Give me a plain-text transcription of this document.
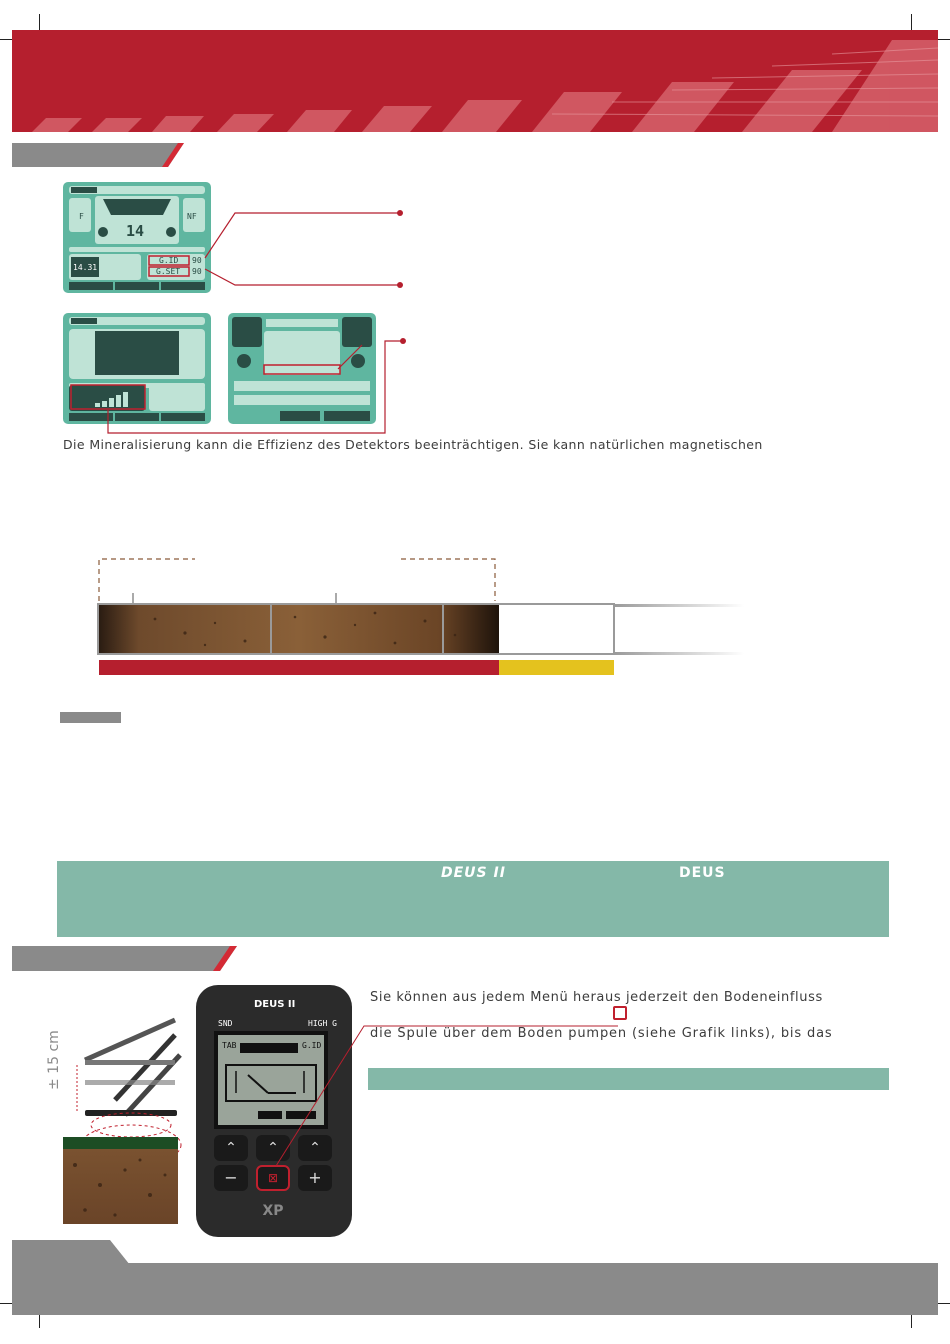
F	NF
14
14.31
G.ID 90
G.SET 90
Die Mineralisierung kann die Effizienz des Detektors beeinträchtigen. Sie kann natürlichen magnetischen
DEUS II	DEUS
± 15 cm
DEUS II
SND	HIGH G
TAB	G.ID
⌃	⌃	⌃
−	⊠	+
XP
Sie können aus jedem Menü heraus jederzeit den Bodeneinfluss
die Spule über dem Boden pumpen (siehe Grafik links), bis das
